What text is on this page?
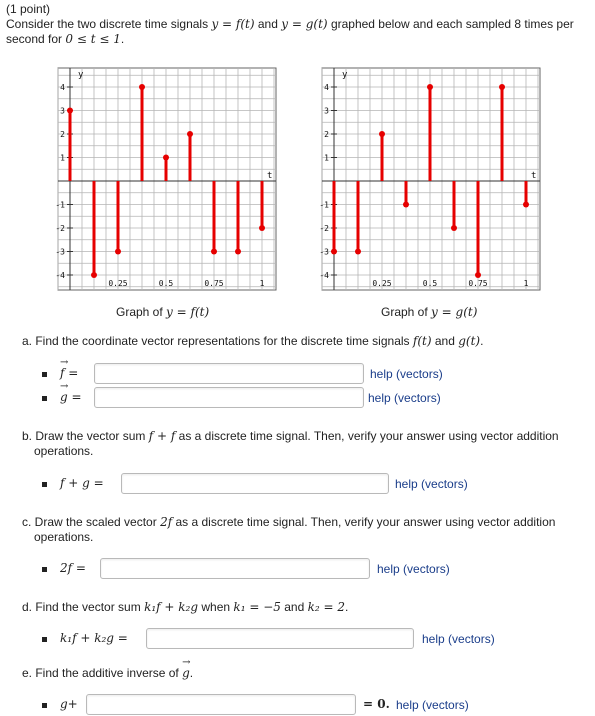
(1 point)
Consider the two discrete time signals y = f(t) and y = g(t) graphed below and each sampled 8 times per
second for 0 ≤ t ≤ 1.
4
3
2
1
-1
-2
-3
-4
0.25	0.5	0.75	1
y
t
Graph of y = f(t)
4
3
2
1
-1
-2
-3
-4
0.25	0.5	0.75	1
y
t
Graph of y = g(t)
a. Find the coordinate vector representations for the discrete time signals f(t) and g(t).
→ f =	help (vectors)
→ g =	help (vectors)
b. Draw the vector sum f + f as a discrete time signal. Then, verify your answer using vector addition
operations.
f + g =	help (vectors)
c. Draw the scaled vector 2f as a discrete time signal. Then, verify your answer using vector addition
operations.
2f =	help (vectors)
d. Find the vector sum k₁f + k₂g when k₁ = −5 and k₂ = 2.
k₁f + k₂g =	help (vectors)
e. Find the additive inverse of → g.
g+	= 0. help (vectors)
